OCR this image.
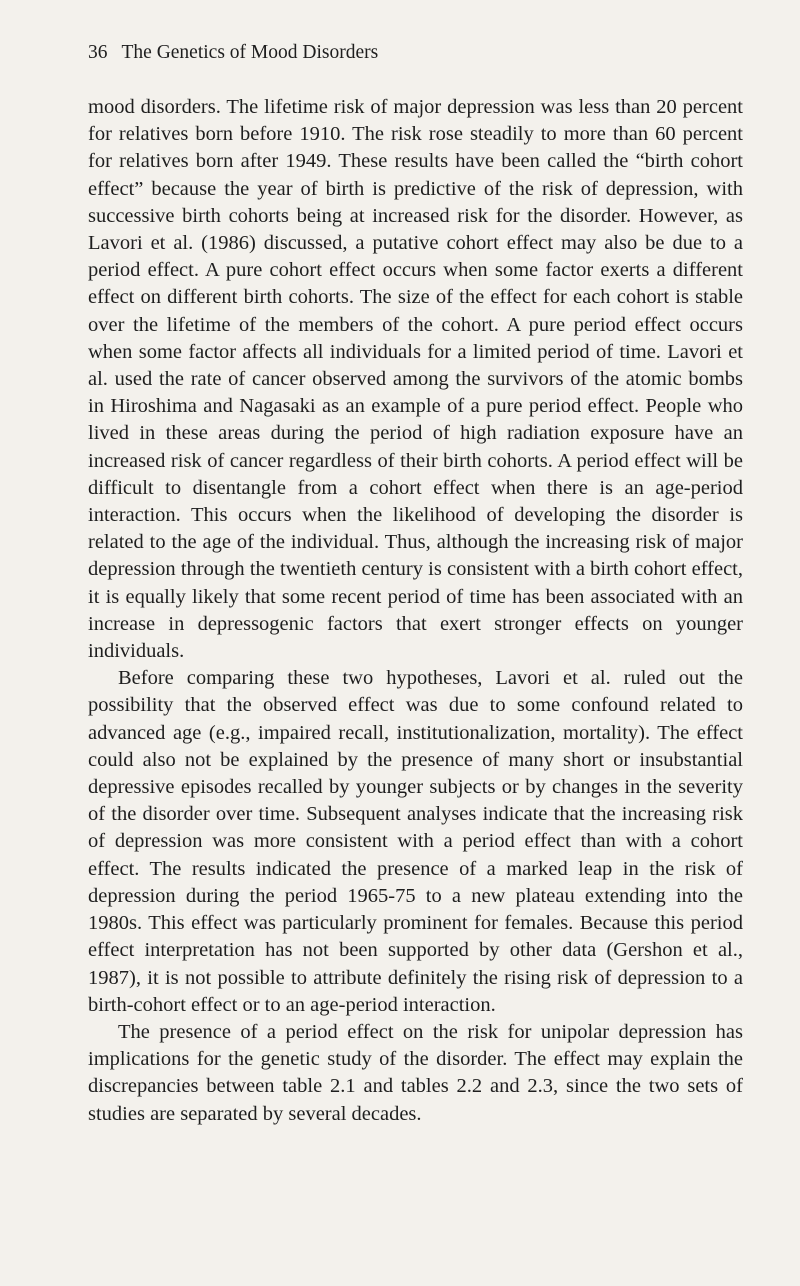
36 The Genetics of Mood Disorders

mood disorders. The lifetime risk of major depression was less than 20 percent for relatives born before 1910. The risk rose steadily to more than 60 percent for relatives born after 1949. These results have been called the “birth cohort effect” because the year of birth is predictive of the risk of depression, with successive birth cohorts being at increased risk for the disorder. However, as Lavori et al. (1986) discussed, a putative cohort effect may also be due to a period effect. A pure cohort effect occurs when some factor exerts a different effect on different birth cohorts. The size of the effect for each cohort is stable over the lifetime of the members of the cohort. A pure period effect occurs when some factor affects all individuals for a limited period of time. Lavori et al. used the rate of cancer observed among the survivors of the atomic bombs in Hiroshima and Nagasaki as an example of a pure period effect. People who lived in these areas during the period of high radiation exposure have an increased risk of cancer regardless of their birth cohorts. A period effect will be difficult to disentangle from a cohort effect when there is an age-period interaction. This occurs when the likelihood of developing the disorder is related to the age of the individual. Thus, although the increasing risk of major depression through the twentieth century is consistent with a birth cohort effect, it is equally likely that some recent period of time has been associated with an increase in depressogenic factors that exert stronger effects on younger individuals.

Before comparing these two hypotheses, Lavori et al. ruled out the possibility that the observed effect was due to some confound related to advanced age (e.g., impaired recall, institutionalization, mortality). The effect could also not be explained by the presence of many short or insubstantial depressive episodes recalled by younger subjects or by changes in the severity of the disorder over time. Subsequent analyses indicate that the increasing risk of depression was more consistent with a period effect than with a cohort effect. The results indicated the presence of a marked leap in the risk of depression during the period 1965-75 to a new plateau extending into the 1980s. This effect was particularly prominent for females. Because this period effect interpretation has not been supported by other data (Gershon et al., 1987), it is not possible to attribute definitely the rising risk of depression to a birth-cohort effect or to an age-period interaction.

The presence of a period effect on the risk for unipolar depression has implications for the genetic study of the disorder. The effect may explain the discrepancies between table 2.1 and tables 2.2 and 2.3, since the two sets of studies are separated by several decades.
